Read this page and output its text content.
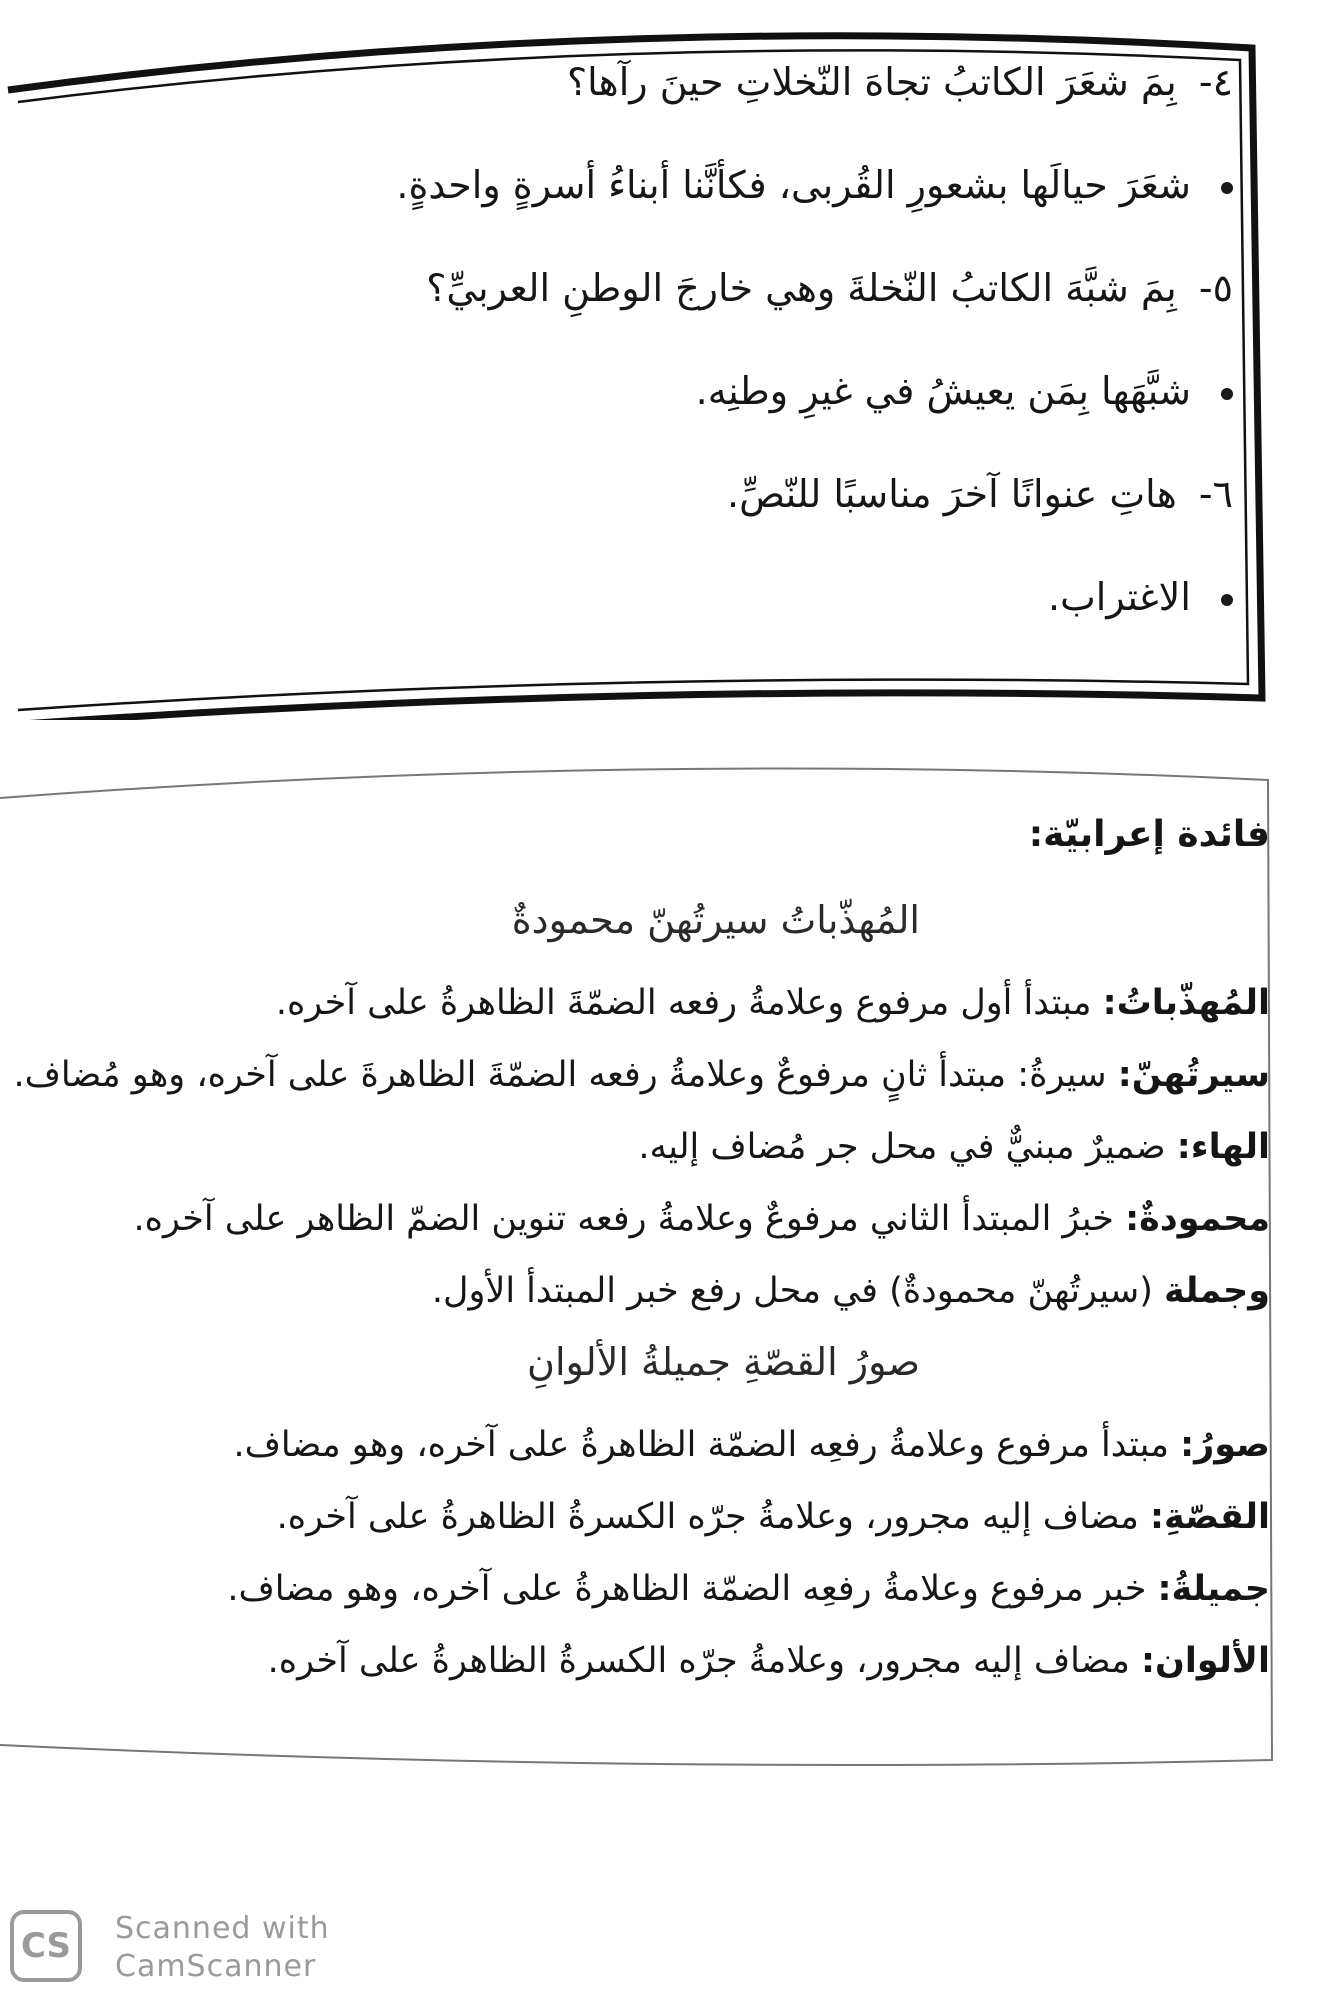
٤- بِمَ شعَرَ الكاتبُ تجاهَ النّخلاتِ حينَ رآها؟
شعَرَ حيالَها بشعورِ القُربى، فكأنَّنا أبناءُ أسرةٍ واحدةٍ.
٥- بِمَ شبَّهَ الكاتبُ النّخلةَ وهي خارجَ الوطنِ العربيِّ؟
شبَّهَها بِمَن يعيشُ في غيرِ وطنِه.
٦- هاتِ عنوانًا آخرَ مناسبًا للنّصِّ.
الاغتراب.
فائدة إعرابيّة:
المُهذّباتُ سيرتُهنّ محمودةٌ
المُهذّباتُ: مبتدأ أول مرفوع وعلامةُ رفعه الضمّةَ الظاهرةُ على آخره.
سيرتُهنّ: سيرةُ: مبتدأ ثانٍ مرفوعٌ وعلامةُ رفعه الضمّةَ الظاهرةَ على آخره، وهو مُضاف.
الهاء: ضميرٌ مبنيٌّ في محل جر مُضاف إليه.
محمودةٌ: خبرُ المبتدأ الثاني مرفوعٌ وعلامةُ رفعه تنوين الضمّ الظاهر على آخره.
وجملة (سيرتُهنّ محمودةٌ) في محل رفع خبر المبتدأ الأول.
صورُ القصّةِ جميلةُ الألوانِ
صورُ: مبتدأ مرفوع وعلامةُ رفعِه الضمّة الظاهرةُ على آخره، وهو مضاف.
القصّةِ: مضاف إليه مجرور، وعلامةُ جرّه الكسرةُ الظاهرةُ على آخره.
جميلةُ: خبر مرفوع وعلامةُ رفعِه الضمّة الظاهرةُ على آخره، وهو مضاف.
الألوان: مضاف إليه مجرور، وعلامةُ جرّه الكسرةُ الظاهرةُ على آخره.
CS	Scanned with
CamScanner
